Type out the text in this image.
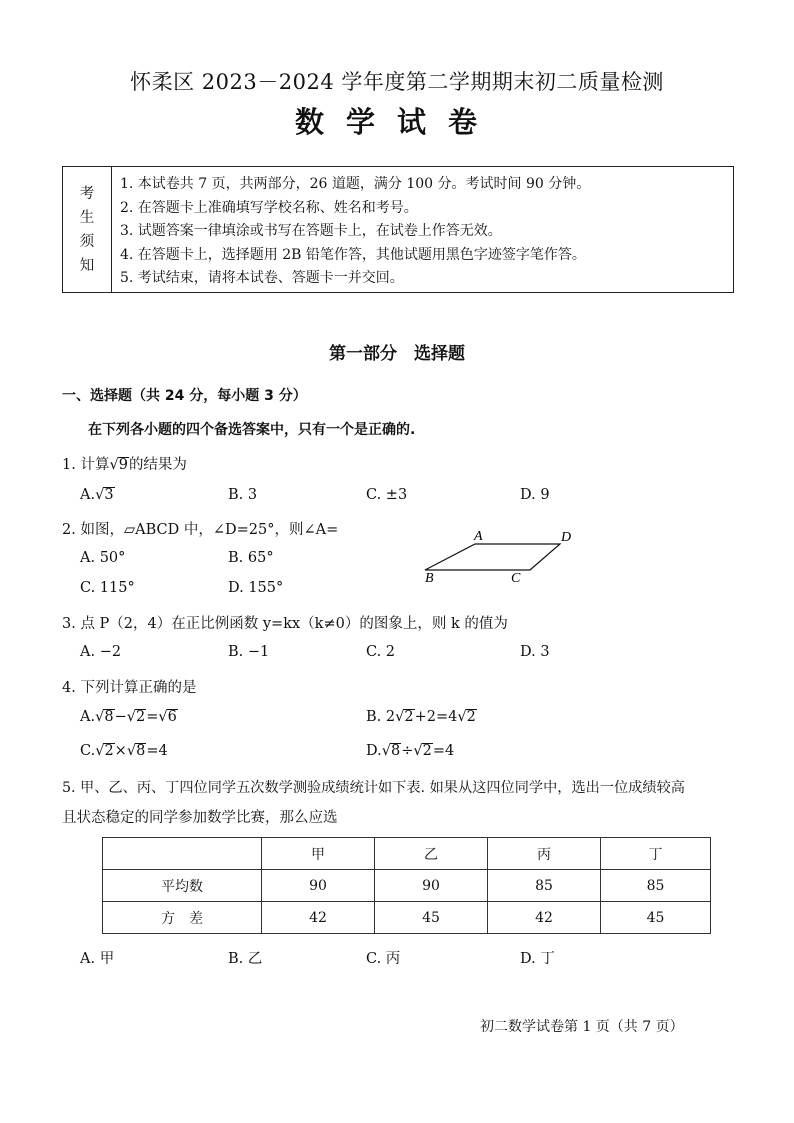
怀柔区 2023－2024 学年度第二学期期末初二质量检测
数学试卷
考
生
须
知
1. 本试卷共 7 页，共两部分，26 道题，满分 100 分。考试时间 90 分钟。
2. 在答题卡上准确填写学校名称、姓名和考号。
3. 试题答案一律填涂或书写在答题卡上，在试卷上作答无效。
4. 在答题卡上，选择题用 2B 铅笔作答，其他试题用黑色字迹签字笔作答。
5. 考试结束，请将本试卷、答题卡一并交回。
第一部分　选择题
一、选择题（共 24 分，每小题 3 分）
在下列各小题的四个备选答案中，只有一个是正确的.
1. 计算√9的结果为
A.√3	B. 3	C. ±3	D. 9
2. 如图，▱ABCD 中，∠D=25°，则∠A=
A. 50°	B. 65°
C. 115°	D. 155°
A	D
B	C
3. 点 P（2，4）在正比例函数 y=kx（k≠0）的图象上，则 k 的值为
A. −2	B. −1	C. 2	D. 3
4. 下列计算正确的是
A.√8−√2=√6	B. 2√2+2=4√2
C.√2×√8=4	D.√8÷√2=4
5. 甲、乙、丙、丁四位同学五次数学测验成绩统计如下表. 如果从这四位同学中，选出一位成绩较高
且状态稳定的同学参加数学比赛，那么应选
	甲	乙	丙	丁
平均数	90	90	85	85
方　差	42	45	42	45
A. 甲	B. 乙	C. 丙	D. 丁
初二数学试卷第 1 页（共 7 页）
